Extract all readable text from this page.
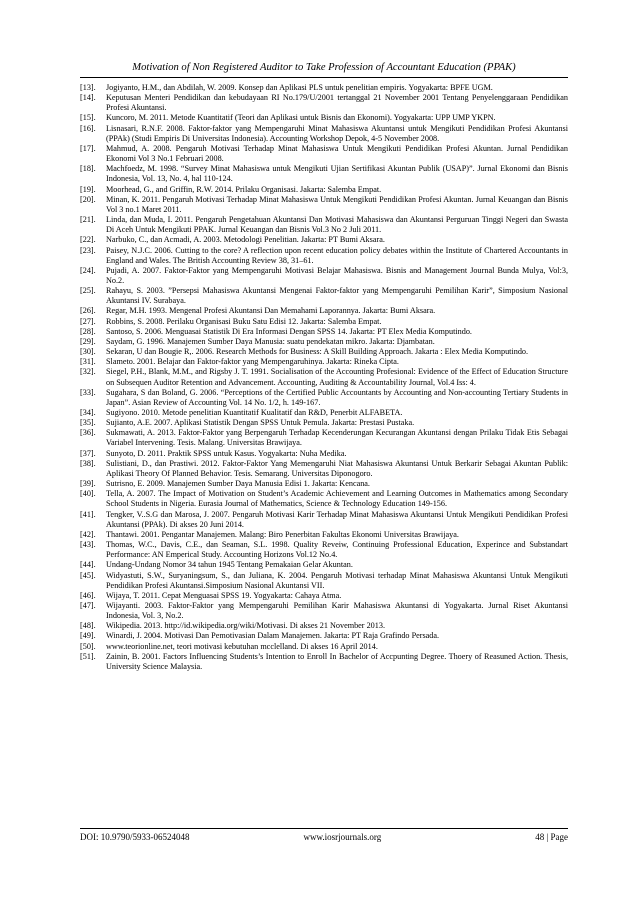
Motivation of Non Registered Auditor to Take Profession of Accountant Education (PPAK)
[13].	Jogiyanto, H.M., dan Abdilah, W. 2009. Konsep dan Aplikasi PLS untuk penelitian empiris. Yogyakarta: BPFE UGM.
[14].	Keputusan Menteri Pendidikan dan kebudayaan RI No.179/U/2001 tertanggal 21 November 2001 Tentang Penyelenggaraan Pendidikan Profesi Akuntansi.
[15].	Kuncoro, M. 2011. Metode Kuantitatif (Teori dan Aplikasi untuk Bisnis dan Ekonomi). Yogyakarta: UPP UMP YKPN.
[16].	Lisnasari, R.N.F. 2008. Faktor-faktor yang Mempengaruhi Minat Mahasiswa Akuntansi untuk Mengikuti Pendidikan Profesi Akuntansi (PPAk) (Studi Empiris Di Universitas Indonesia). Accounting Workshop Depok, 4-5 November 2008.
[17].	Mahmud, A. 2008. Pengaruh Motivasi Terhadap Minat Mahasiswa Untuk Mengikuti Pendidikan Profesi Akuntan. Jurnal Pendidikan Ekonomi Vol 3 No.1 Februari 2008.
[18].	Machfoedz, M. 1998. “Survey Minat Mahasiswa untuk Mengikuti Ujian Sertifikasi Akuntan Publik (USAP)”. Jurnal Ekonomi dan Bisnis Indonesia, Vol. 13, No. 4, hal 110-124.
[19].	Moorhead, G., and Griffin, R.W. 2014. Prilaku Organisasi. Jakarta: Salemba Empat.
[20].	Minan, K. 2011. Pengaruh Motivasi Terhadap Minat Mahasiswa Untuk Mengikuti Pendidikan Profesi Akuntan. Jurnal Keuangan dan Bisnis Vol 3 no.1 Maret 2011.
[21].	Linda, dan Muda, I. 2011. Pengaruh Pengetahuan Akuntansi Dan Motivasi Mahasiswa dan Akuntansi Perguruan Tinggi Negeri dan Swasta Di Aceh Untuk Mengikuti PPAK. Jurnal Keuangan dan Bisnis Vol.3 No 2 Juli 2011.
[22].	Narbuko, C., dan Acmadi, A. 2003. Metodologi Penelitian. Jakarta: PT Bumi Aksara.
[23].	Paisey, N.J.C. 2006. Cutting to the core? A reflection upon recent education policy debates within the Institute of Chartered Accountants in England and Wales. The British Accounting Review 38, 31–61.
[24].	Pujadi, A. 2007. Faktor-Faktor yang Mempengaruhi Motivasi Belajar Mahasiswa. Bisnis and Management Journal Bunda Mulya, Vol:3, No.2.
[25].	Rahayu, S. 2003. ”Persepsi Mahasiswa Akuntansi Mengenai Faktor-faktor yang Mempengaruhi Pemilihan Karir”, Simposium Nasional Akuntansi IV. Surabaya.
[26].	Regar, M.H. 1993. Mengenal Profesi Akuntansi Dan Memahami Laporannya. Jakarta: Bumi Aksara.
[27].	Robbins, S. 2008. Perilaku Organisasi Buku Satu Edisi 12. Jakarta: Salemba Empat.
[28].	Santoso, S. 2006. Menguasai Statistik Di Era Informasi Dengan SPSS 14. Jakarta: PT Elex Media Komputindo.
[29].	Saydam, G. 1996. Manajemen Sumber Daya Manusia: suatu pendekatan mikro. Jakarta: Djambatan.
[30].	Sekaran, U dan Bougie R,. 2006. Research Methods for Business: A Skill Building Approach. Jakarta : Elex Media Komputindo.
[31].	Slameto. 2001. Belajar dan Faktor-faktor yang Mempengaruhinya. Jakarta: Rineka Cipta.
[32].	Siegel, P.H., Blank, M.M., and Rigsby J. T. 1991. Socialisation of the Accounting Profesional: Evidence of the Effect of Education Structure on Subsequen Auditor Retention and Advancement. Accounting, Auditing & Accountability Journal, Vol.4 Iss: 4.
[33].	Sugahara, S dan Boland, G. 2006. “Perceptions of the Certified Public Accountants by Accounting and Non-accounting Tertiary Students in Japan”. Asian Review of Accounting Vol. 14 No. 1/2, h. 149-167.
[34].	Sugiyono. 2010. Metode penelitian Kuantitatif Kualitatif dan R&D, Penerbit ALFABETA.
[35].	Sujianto, A.E. 2007. Aplikasi Statistik Dengan SPSS Untuk Pemula. Jakarta: Prestasi Pustaka.
[36].	Sukmawati, A. 2013. Faktor-Faktor yang Berpengaruh Terhadap Kecenderungan Kecurangan Akuntansi dengan Prilaku Tidak Etis Sebagai Variabel Intervening. Tesis. Malang. Universitas Brawijaya.
[37].	Sunyoto, D. 2011. Praktik SPSS untuk Kasus. Yogyakarta: Nuha Medika.
[38].	Sulistiani, D., dan Prastiwi. 2012. Faktor-Faktor Yang Memengaruhi Niat Mahasiswa Akuntansi Untuk Berkarir Sebagai Akuntan Publik: Aplikasi Theory Of Planned Behavior. Tesis. Semarang. Universitas Diponogoro.
[39].	Sutrisno, E. 2009. Manajemen Sumber Daya Manusia Edisi 1. Jakarta: Kencana.
[40].	Tella, A. 2007. The Impact of Motivation on Student’s Academic Achievement and Learning Outcomes in Mathematics among Secondary School Students in Nigeria. Eurasia Journal of Mathematics, Science & Technology Education 149-156.
[41].	Tengker, V..S.G dan Marosa, J. 2007. Pengaruh Motivasi Karir Terhadap Minat Mahasiswa Akuntansi Untuk Mengikuti Pendidikan Profesi Akuntansi (PPAk). Di akses 20 Juni 2014.
[42].	Thantawi. 2001. Pengantar Manajemen. Malang: Biro Penerbitan Fakultas Ekonomi Universitas Brawijaya.
[43].	Thomas, W.C., Davis, C.E., dan Seaman, S.L. 1998. Quality Reveiw, Continuing Professional Education, Experince and Substandart Performance: AN Emperical Study. Accounting Horizons Vol.12 No.4.
[44].	Undang-Undang Nomor 34 tahun 1945 Tentang Pemakaian Gelar Akuntan.
[45].	Widyastuti, S.W., Suryaningsum, S., dan Juliana, K. 2004. Pengaruh Motivasi terhadap Minat Mahasiswa Akuntansi Untuk Mengikuti Pendidikan Profesi Akuntansi.Simposium Nasional Akuntansi VII.
[46].	Wijaya, T. 2011. Cepat Menguasai SPSS 19. Yogyakarta: Cahaya Atma.
[47].	Wijayanti. 2003. Faktor-Faktor yang Mempengaruhi Pemilihan Karir Mahasiswa Akuntansi di Yogyakarta. Jurnal Riset Akuntansi Indonesia, Vol. 3, No.2.
[48].	Wikipedia. 2013. http://id.wikipedia.org/wiki/Motivasi. Di akses 21 November 2013.
[49].	Winardi, J. 2004. Motivasi Dan Pemotivasian Dalam Manajemen. Jakarta: PT Raja Grafindo Persada.
[50].	www.teorionline.net, teori motivasi kebutuhan mcclelland. Di akses 16 April 2014.
[51].	Zainin, B. 2001. Factors Influencing Students’s Intention to Enroll In Bachelor of Accpunting Degree. Thoery of Reasuned Action. Thesis, University Science Malaysia.
DOI: 10.9790/5933-06524048	www.iosrjournals.org	48 | Page
